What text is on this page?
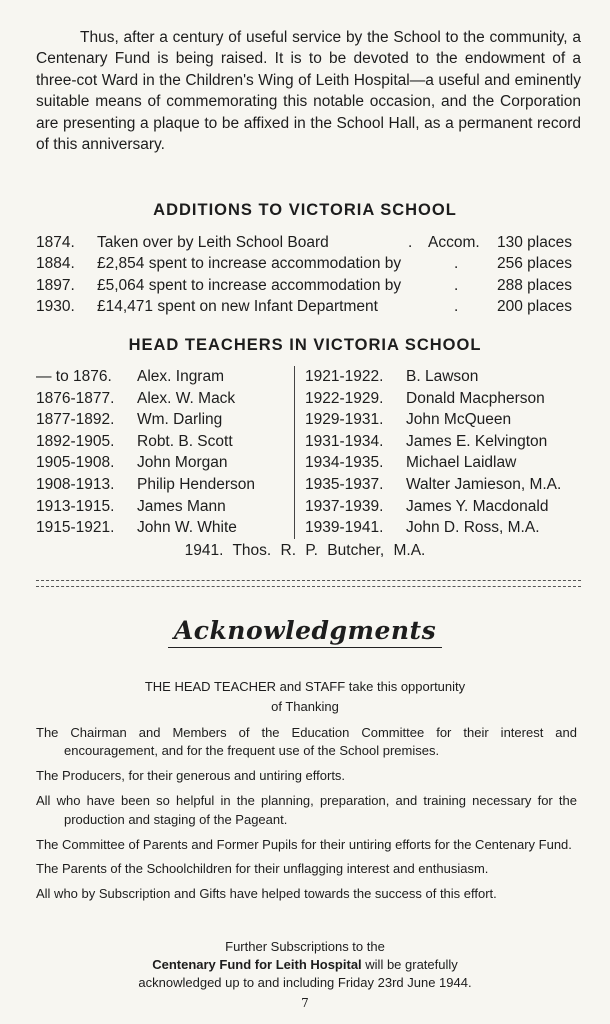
Thus, after a century of useful service by the School to the community, a Centenary Fund is being raised. It is to be devoted to the endowment of a three-cot Ward in the Children's Wing of Leith Hospital—a useful and eminently suitable means of commemorating this notable occasion, and the Corporation are presenting a plaque to be affixed in the School Hall, as a permanent record of this anniversary.

ADDITIONS TO VICTORIA SCHOOL
1874. Taken over by Leith School Board	. Accom. 130 places
1884. £2,854 spent to increase accommodation by	. 256 places
1897. £5,064 spent to increase accommodation by	. 288 places
1930. £14,471 spent on new Infant Department	. 200 places
HEAD TEACHERS IN VICTORIA SCHOOL
— to 1876. Alex. Ingram
1876-1877. Alex. W. Mack
1877-1892. Wm. Darling
1892-1905. Robt. B. Scott
1905-1908. John Morgan
1908-1913. Philip Henderson
1913-1915. James Mann
1915-1921. John W. White
1921-1922. B. Lawson
1922-1929. Donald Macpherson
1929-1931. John McQueen
1931-1934. James E. Kelvington
1934-1935. Michael Laidlaw
1935-1937. Walter Jamieson, M.A.
1937-1939. James Y. Macdonald
1939-1941. John D. Ross, M.A.
1941. Thos. R. P. Butcher, M.A.
Acknowledgments
THE HEAD TEACHER and STAFF take this opportunity
of Thanking
The Chairman and Members of the Education Committee for their interest and encouragement, and for the frequent use of the School premises.
The Producers, for their generous and untiring efforts.
All who have been so helpful in the planning, preparation, and training necessary for the production and staging of the Pageant.
The Committee of Parents and Former Pupils for their untiring efforts for the Centenary Fund.
The Parents of the Schoolchildren for their unflagging interest and enthusiasm.
All who by Subscription and Gifts have helped towards the success of this effort.
Further Subscriptions to the
Centenary Fund for Leith Hospital will be gratefully
acknowledged up to and including Friday 23rd June 1944.
7
